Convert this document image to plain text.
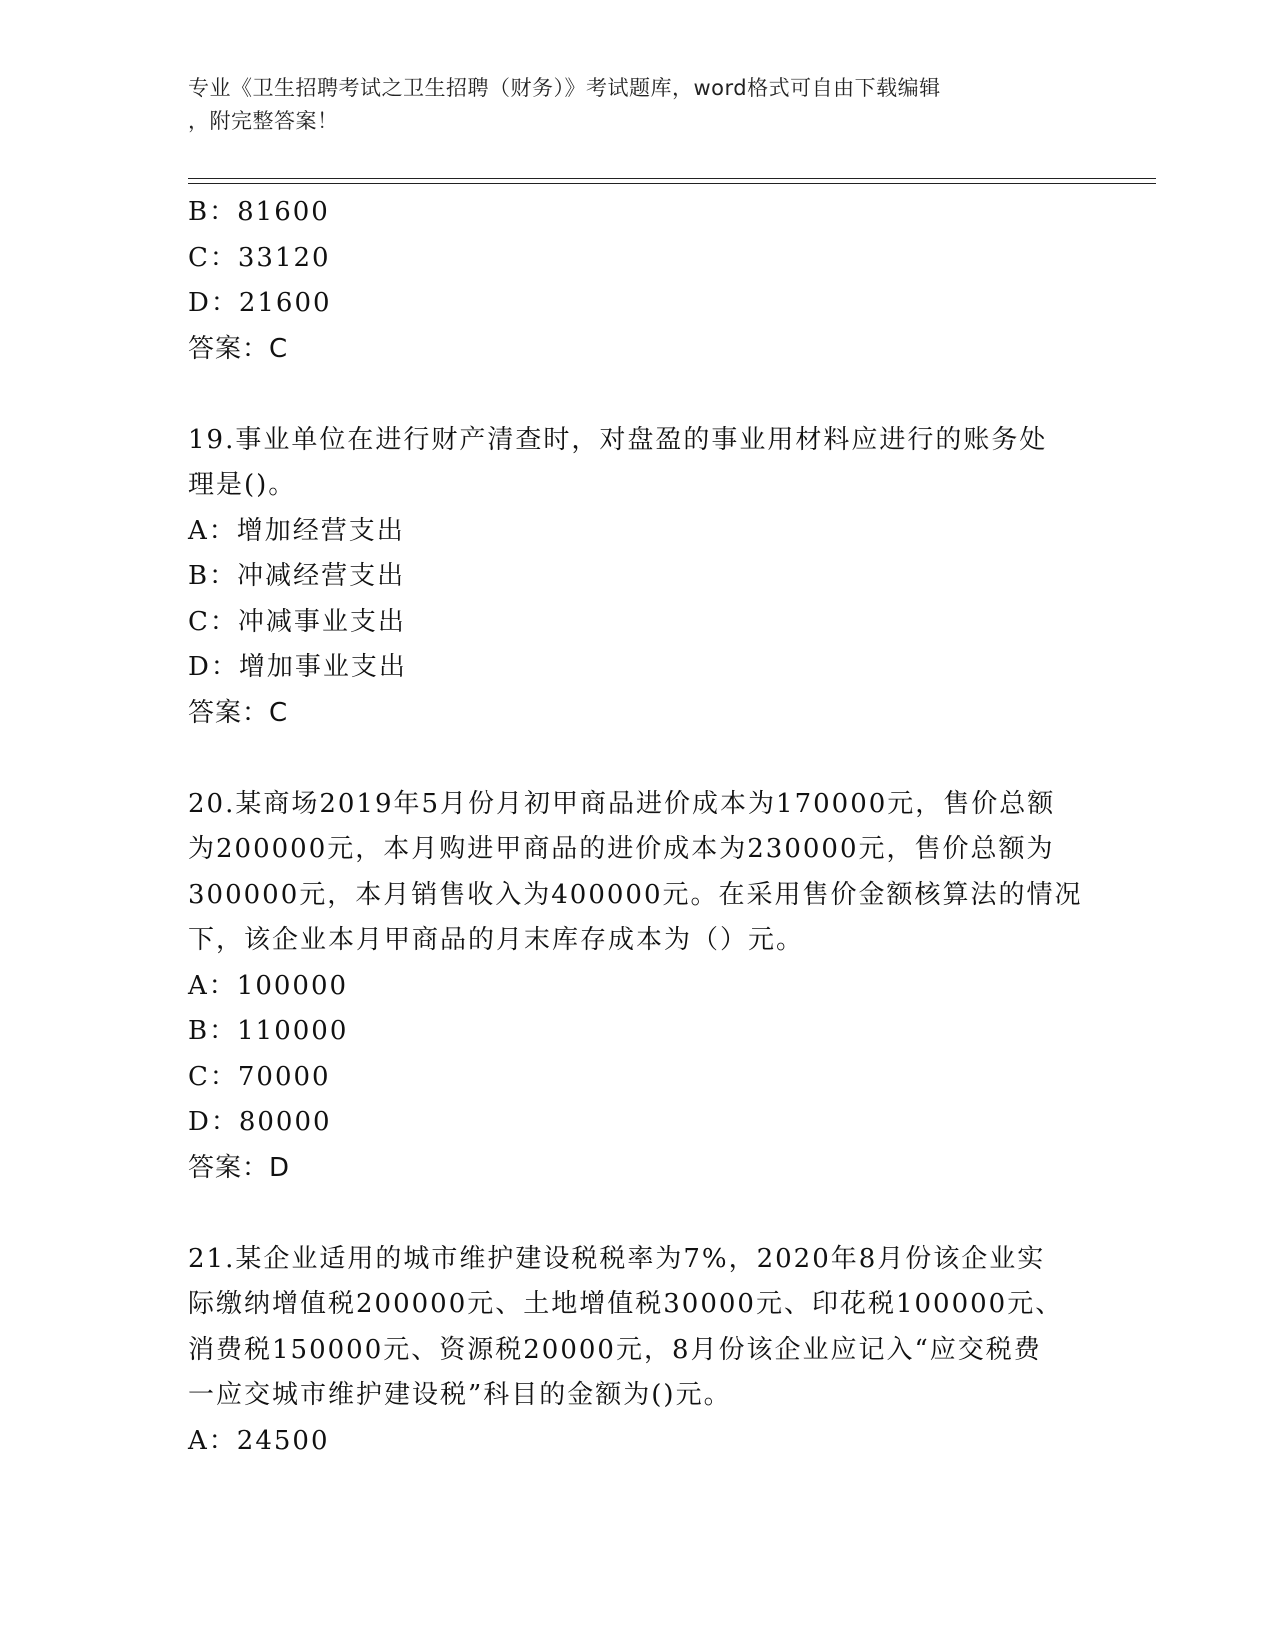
专业《卫生招聘考试之卫生招聘（财务）》考试题库，word格式可自由下载编辑
，附完整答案！
B：81600
C：33120
D：21600
答案：C
19.事业单位在进行财产清查时，对盘盈的事业用材料应进行的账务处
理是()。
A：增加经营支出
B：冲减经营支出
C：冲减事业支出
D：增加事业支出
答案：C
20.某商场2019年5月份月初甲商品进价成本为170000元，售价总额
为200000元，本月购进甲商品的进价成本为230000元，售价总额为
300000元，本月销售收入为400000元。在采用售价金额核算法的情况
下，该企业本月甲商品的月末库存成本为（）元。
A：100000
B：110000
C：70000
D：80000
答案：D
21.某企业适用的城市维护建设税税率为7%，2020年8月份该企业实
际缴纳增值税200000元、土地增值税30000元、印花税100000元、
消费税150000元、资源税20000元，8月份该企业应记入“应交税费
一应交城市维护建设税”科目的金额为()元。
A：24500
